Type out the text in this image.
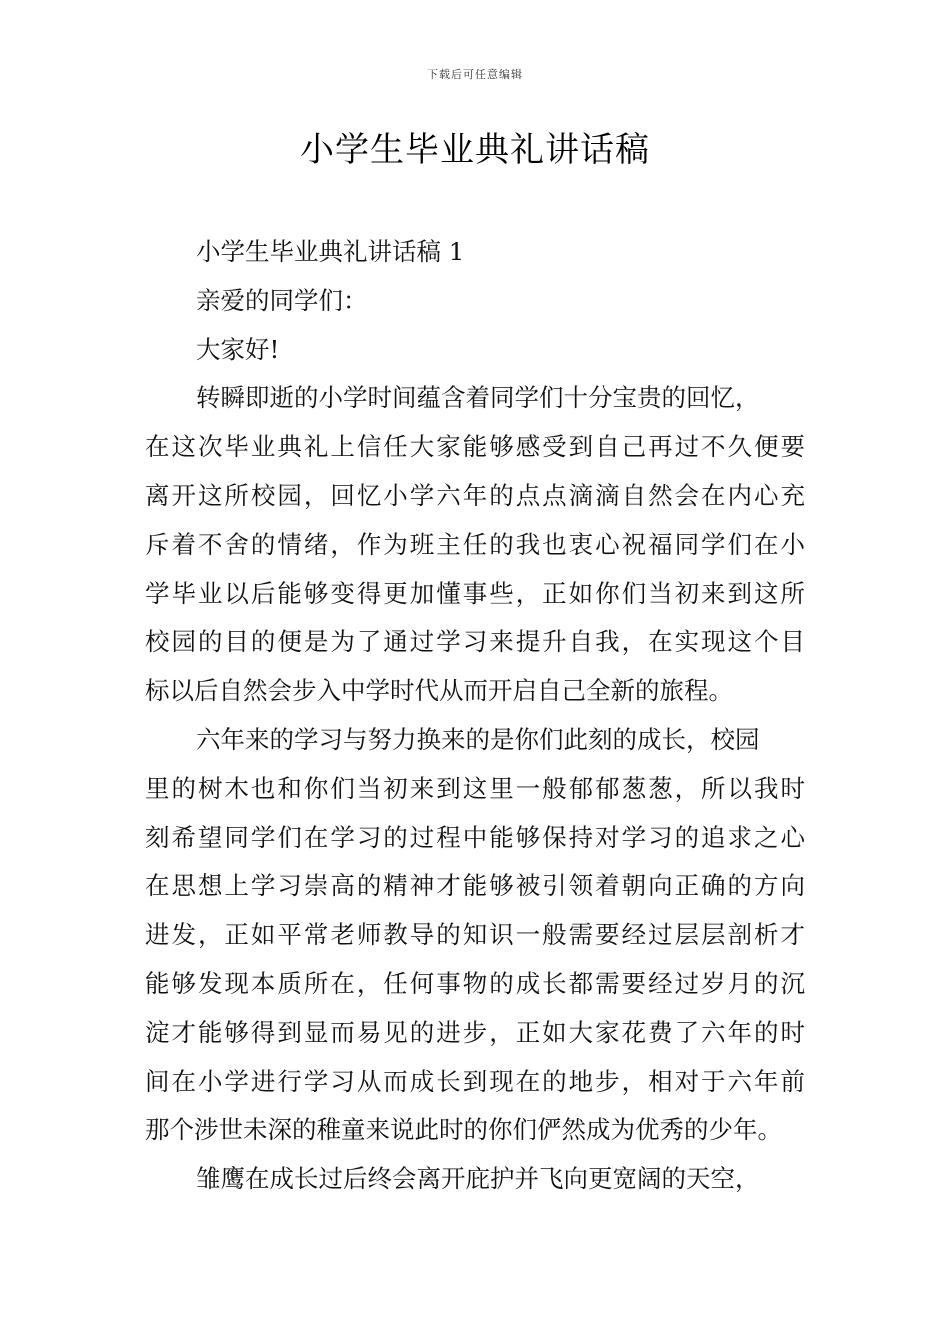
下载后可任意编辑
小学生毕业典礼讲话稿
小学生毕业典礼讲话稿 1
亲爱的同学们：
大家好!
转瞬即逝的小学时间蕴含着同学们十分宝贵的回忆，
在这次毕业典礼上信任大家能够感受到自己再过不久便要
离开这所校园，回忆小学六年的点点滴滴自然会在内心充
斥着不舍的情绪，作为班主任的我也衷心祝福同学们在小
学毕业以后能够变得更加懂事些，正如你们当初来到这所
校园的目的便是为了通过学习来提升自我，在实现这个目
标以后自然会步入中学时代从而开启自己全新的旅程。
六年来的学习与努力换来的是你们此刻的成长，校园
里的树木也和你们当初来到这里一般郁郁葱葱，所以我时
刻希望同学们在学习的过程中能够保持对学习的追求之心
在思想上学习崇高的精神才能够被引领着朝向正确的方向
进发，正如平常老师教导的知识一般需要经过层层剖析才
能够发现本质所在，任何事物的成长都需要经过岁月的沉
淀才能够得到显而易见的进步，正如大家花费了六年的时
间在小学进行学习从而成长到现在的地步，相对于六年前
那个涉世未深的稚童来说此时的你们俨然成为优秀的少年。
雏鹰在成长过后终会离开庇护并飞向更宽阔的天空，
